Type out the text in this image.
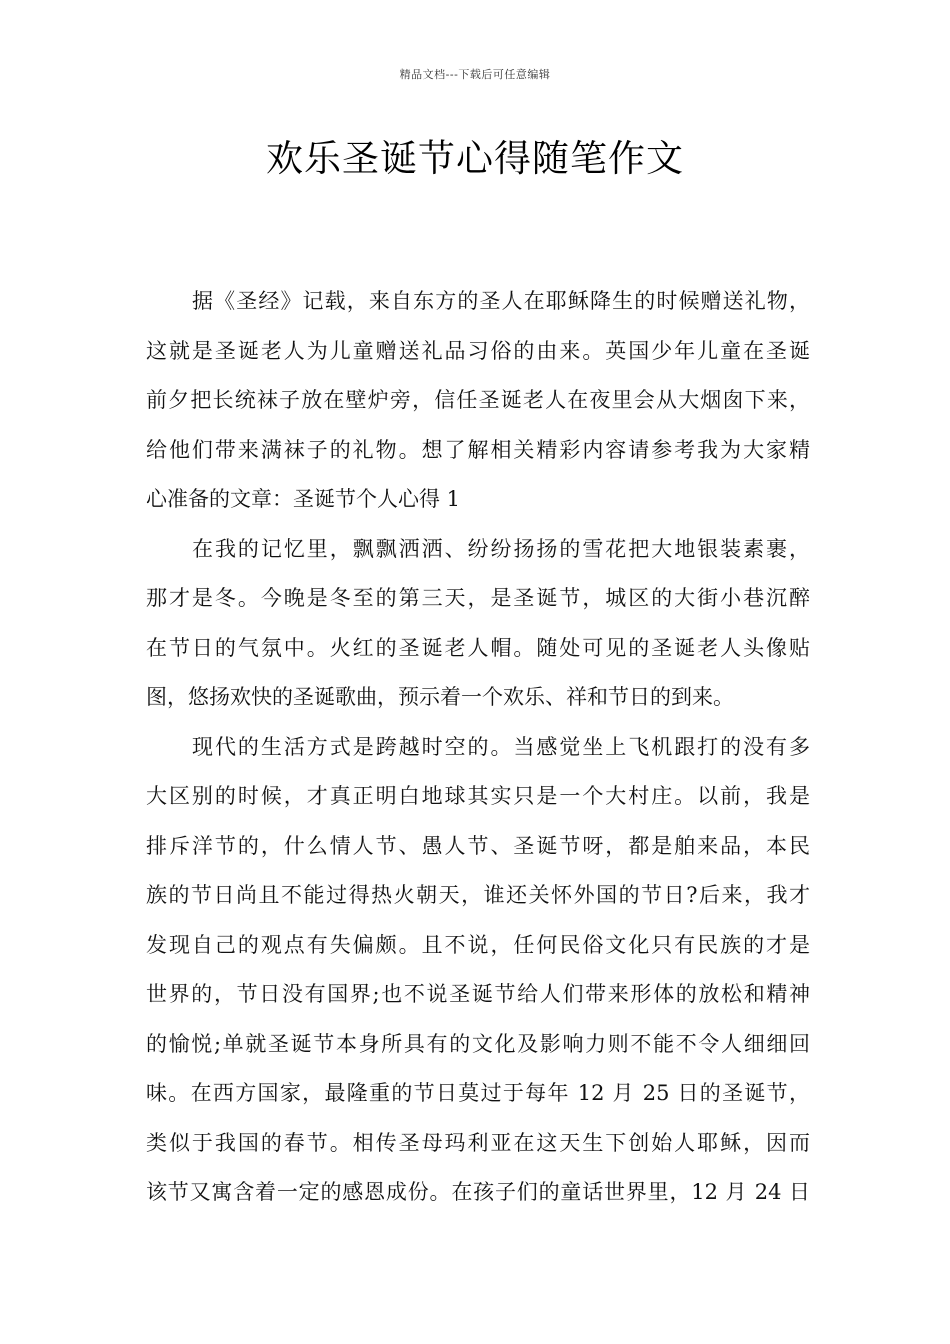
精品文档---下载后可任意编辑
欢乐圣诞节心得随笔作文
据《圣经》记载，来自东方的圣人在耶稣降生的时候赠送礼物，
这就是圣诞老人为儿童赠送礼品习俗的由来。英国少年儿童在圣诞
前夕把长统袜子放在壁炉旁，信任圣诞老人在夜里会从大烟囱下来，
给他们带来满袜子的礼物。想了解相关精彩内容请参考我为大家精
心准备的文章：圣诞节个人心得 1
在我的记忆里，飘飘洒洒、纷纷扬扬的雪花把大地银装素裹，
那才是冬。今晚是冬至的第三天，是圣诞节，城区的大街小巷沉醉
在节日的气氛中。火红的圣诞老人帽。随处可见的圣诞老人头像贴
图，悠扬欢快的圣诞歌曲，预示着一个欢乐、祥和节日的到来。
现代的生活方式是跨越时空的。当感觉坐上飞机跟打的没有多
大区别的时候，才真正明白地球其实只是一个大村庄。以前，我是
排斥洋节的，什么情人节、愚人节、圣诞节呀，都是舶来品，本民
族的节日尚且不能过得热火朝天，谁还关怀外国的节日?后来，我才
发现自己的观点有失偏颇。且不说，任何民俗文化只有民族的才是
世界的，节日没有国界;也不说圣诞节给人们带来形体的放松和精神
的愉悦;单就圣诞节本身所具有的文化及影响力则不能不令人细细回
味。在西方国家，最隆重的节日莫过于每年 12 月 25 日的圣诞节，
类似于我国的春节。相传圣母玛利亚在这天生下创始人耶稣，因而
该节又寓含着一定的感恩成份。在孩子们的童话世界里，12 月 24 日
